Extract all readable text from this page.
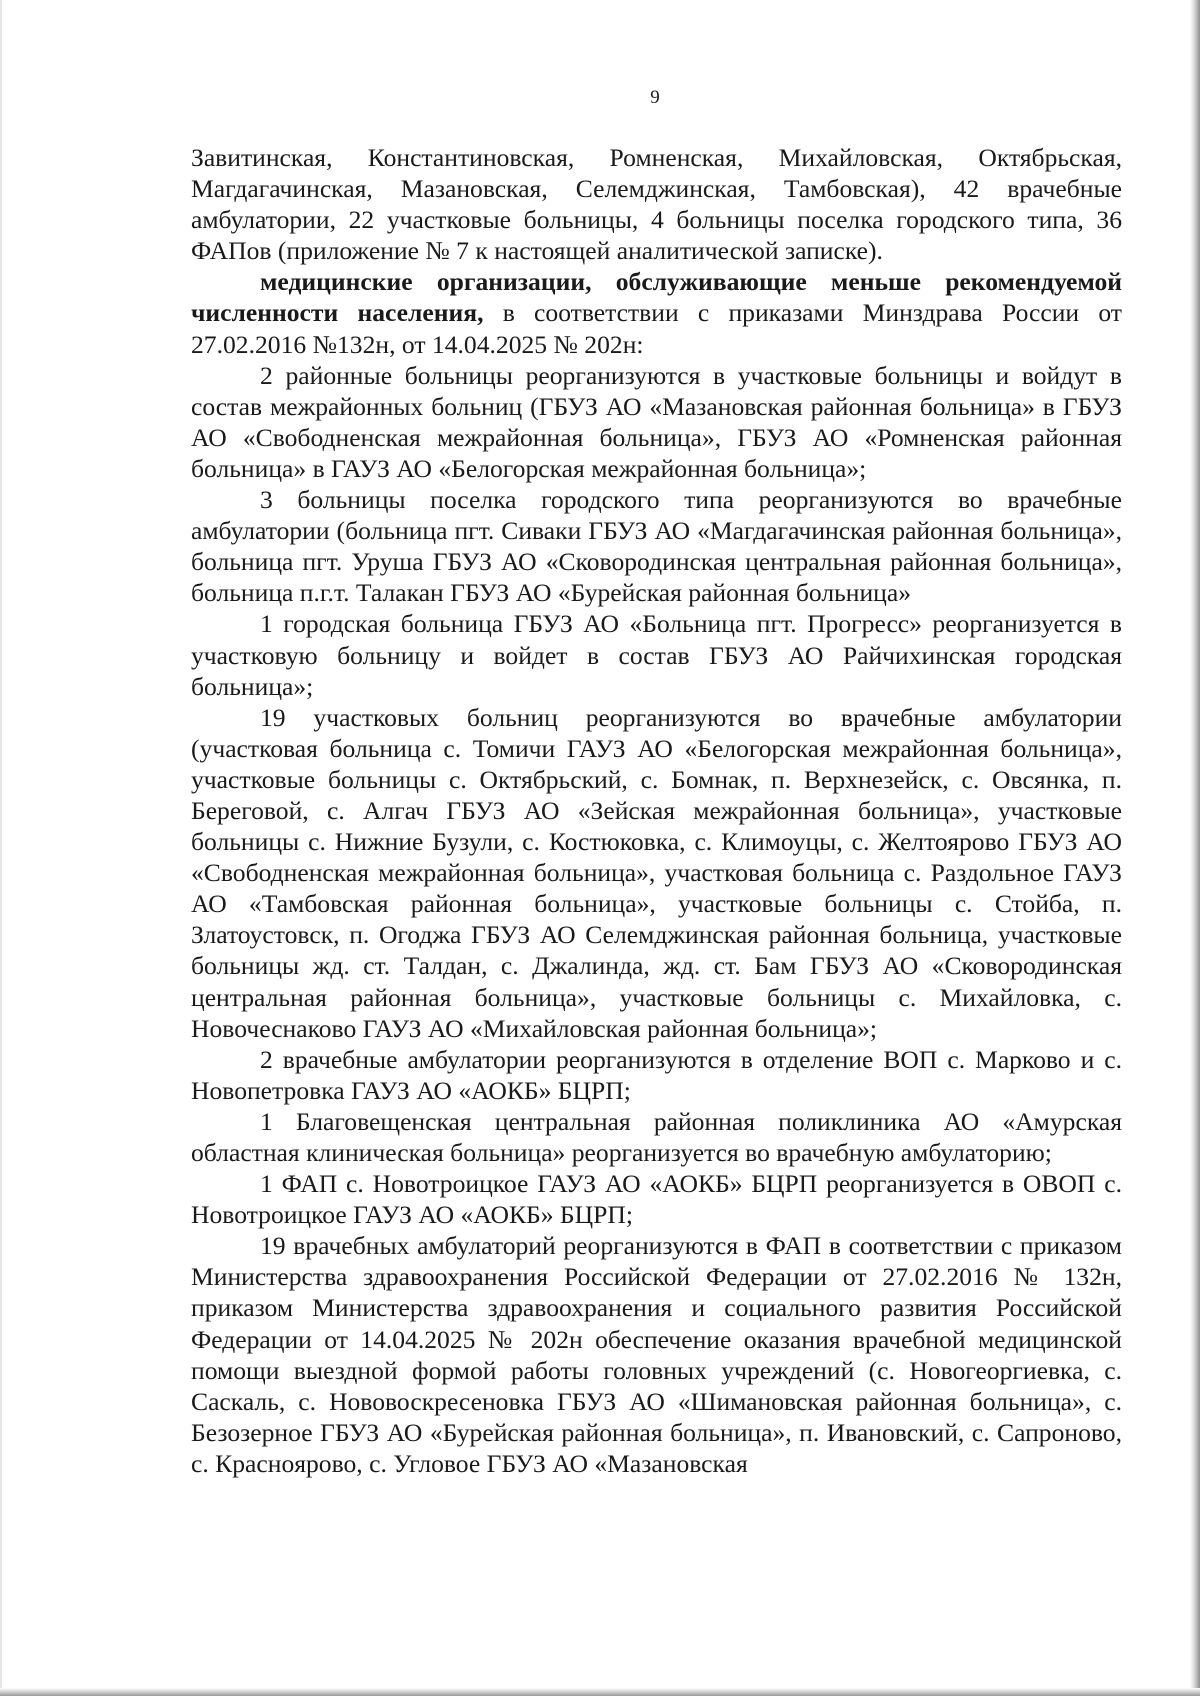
9

Завитинская, Константиновская, Ромненская, Михайловская, Октябрьская, Магдагачинская, Мазановская, Селемджинская, Тамбовская), 42 врачебные амбулатории, 22 участковые больницы, 4 больницы поселка городского типа, 36 ФАПов (приложение № 7 к настоящей аналитической записке).

медицинские организации, обслуживающие меньше рекомендуемой численности населения, в соответствии с приказами Минздрава России от 27.02.2016 №132н, от 14.04.2025 № 202н:

2 районные больницы реорганизуются в участковые больницы и войдут в состав межрайонных больниц (ГБУЗ АО «Мазановская районная больница» в ГБУЗ АО «Свободненская межрайонная больница», ГБУЗ АО «Ромненская районная больница» в ГАУЗ АО «Белогорская межрайонная больница»;

3 больницы поселка городского типа реорганизуются во врачебные амбулатории (больница пгт. Сиваки ГБУЗ АО «Магдагачинская районная больница», больница пгт. Уруша ГБУЗ АО «Сковородинская центральная районная больница», больница п.г.т. Талакан ГБУЗ АО «Бурейская районная больница»

1 городская больница ГБУЗ АО «Больница пгт. Прогресс» реорганизуется в участковую больницу и войдет в состав ГБУЗ АО Райчихинская городская больница»;

19 участковых больниц реорганизуются во врачебные амбулатории (участковая больница с. Томичи ГАУЗ АО «Белогорская межрайонная больница», участковые больницы с. Октябрьский, с. Бомнак, п. Верхнезейск, с. Овсянка, п. Береговой, с. Алгач ГБУЗ АО «Зейская межрайонная больница», участковые больницы с. Нижние Бузули, с. Костюковка, с. Климоуцы, с. Желтоярово ГБУЗ АО «Свободненская межрайонная больница», участковая больница с. Раздольное ГАУЗ АО «Тамбовская районная больница», участковые больницы с. Стойба, п. Златоустовск, п. Огоджа ГБУЗ АО Селемджинская районная больница, участковые больницы жд. ст. Талдан, с. Джалинда, жд. ст. Бам ГБУЗ АО «Сковородинская центральная районная больница», участковые больницы с. Михайловка, с. Новочеснаково ГАУЗ АО «Михайловская районная больница»;

2 врачебные амбулатории реорганизуются в отделение ВОП с. Марково и с. Новопетровка ГАУЗ АО «АОКБ» БЦРП;

1 Благовещенская центральная районная поликлиника АО «Амурская областная клиническая больница» реорганизуется во врачебную амбулаторию;

1 ФАП с. Новотроицкое ГАУЗ АО «АОКБ» БЦРП реорганизуется в ОВОП с. Новотроицкое ГАУЗ АО «АОКБ» БЦРП;

19 врачебных амбулаторий реорганизуются в ФАП в соответствии с приказом Министерства здравоохранения Российской Федерации от 27.02.2016 № 132н, приказом Министерства здравоохранения и социального развития Российской Федерации от 14.04.2025 № 202н обеспечение оказания врачебной медицинской помощи выездной формой работы головных учреждений (с. Новогеоргиевка, с. Саскаль, с. Нововоскресеновка ГБУЗ АО «Шимановская районная больница», с. Безозерное ГБУЗ АО «Бурейская районная больница», п. Ивановский, с. Сапроново, с. Краснoярово, с. Угловое ГБУЗ АО «Мазановская
